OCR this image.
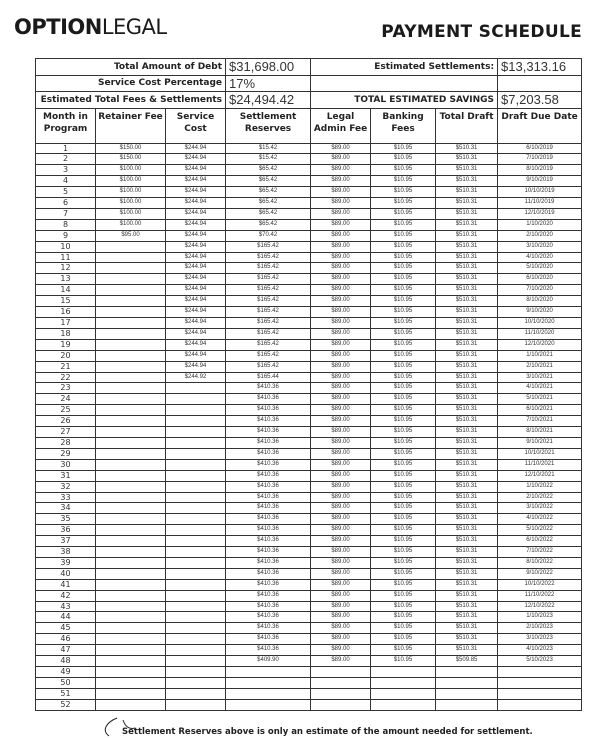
OPTIONLEGAL	PAYMENT SCHEDULE
Total Amount of Debt			$31,698.00	Estimated Settlements:			$13,313.16
Service Cost Percentage			17%				
Estimated Total Fees & Settlements			$24,494.42	TOTAL ESTIMATED SAVINGS			$7,203.58
Month in Program	Retainer Fee	Service Cost	Settlement Reserves	Legal Admin Fee	Banking Fees	Total Draft	Draft Due Date
1	$150.00	$244.94	$15.42	$89.00	$10.95	$510.31	6/10/2019
2	$150.00	$244.94	$15.42	$89.00	$10.95	$510.31	7/10/2019
3	$100.00	$244.94	$65.42	$89.00	$10.95	$510.31	8/10/2019
4	$100.00	$244.94	$65.42	$89.00	$10.95	$510.31	9/10/2019
5	$100.00	$244.94	$65.42	$89.00	$10.95	$510.31	10/10/2019
6	$100.00	$244.94	$65.42	$89.00	$10.95	$510.31	11/10/2019
7	$100.00	$244.94	$65.42	$89.00	$10.95	$510.31	12/10/2019
8	$100.00	$244.94	$65.42	$89.00	$10.95	$510.31	1/10/2020
9	$95.00	$244.94	$70.42	$89.00	$10.95	$510.31	2/10/2020
10		$244.94	$165.42	$89.00	$10.95	$510.31	3/10/2020
11		$244.94	$165.42	$89.00	$10.95	$510.31	4/10/2020
12		$244.94	$165.42	$89.00	$10.95	$510.31	5/10/2020
13		$244.94	$165.42	$89.00	$10.95	$510.31	6/10/2020
14		$244.94	$165.42	$89.00	$10.95	$510.31	7/10/2020
15		$244.94	$165.42	$89.00	$10.95	$510.31	8/10/2020
16		$244.94	$165.42	$89.00	$10.95	$510.31	9/10/2020
17		$244.94	$165.42	$89.00	$10.95	$510.31	10/10/2020
18		$244.94	$165.42	$89.00	$10.95	$510.31	11/10/2020
19		$244.94	$165.42	$89.00	$10.95	$510.31	12/10/2020
20		$244.94	$165.42	$89.00	$10.95	$510.31	1/10/2021
21		$244.94	$165.42	$89.00	$10.95	$510.31	2/10/2021
22		$244.92	$165.44	$89.00	$10.95	$510.31	3/10/2021
23			$410.36	$89.00	$10.95	$510.31	4/10/2021
24			$410.36	$89.00	$10.95	$510.31	5/10/2021
25			$410.36	$89.00	$10.95	$510.31	6/10/2021
26			$410.36	$89.00	$10.95	$510.31	7/10/2021
27			$410.36	$89.00	$10.95	$510.31	8/10/2021
28			$410.36	$89.00	$10.95	$510.31	9/10/2021
29			$410.36	$89.00	$10.95	$510.31	10/10/2021
30			$410.36	$89.00	$10.95	$510.31	11/10/2021
31			$410.36	$89.00	$10.95	$510.31	12/10/2021
32			$410.36	$89.00	$10.95	$510.31	1/10/2022
33			$410.36	$89.00	$10.95	$510.31	2/10/2022
34			$410.36	$89.00	$10.95	$510.31	3/10/2022
35			$410.36	$89.00	$10.95	$510.31	4/10/2022
36			$410.36	$89.00	$10.95	$510.31	5/10/2022
37			$410.36	$89.00	$10.95	$510.31	6/10/2022
38			$410.36	$89.00	$10.95	$510.31	7/10/2022
39			$410.36	$89.00	$10.95	$510.31	8/10/2022
40			$410.36	$89.00	$10.95	$510.31	9/10/2022
41			$410.36	$89.00	$10.95	$510.31	10/10/2022
42			$410.36	$89.00	$10.95	$510.31	11/10/2022
43			$410.36	$89.00	$10.95	$510.31	12/10/2022
44			$410.36	$89.00	$10.95	$510.31	1/10/2023
45			$410.36	$89.00	$10.95	$510.31	2/10/2023
46			$410.36	$89.00	$10.95	$510.31	3/10/2023
47			$410.36	$89.00	$10.95	$510.31	4/10/2023
48			$409.90	$89.00	$10.95	$509.85	5/10/2023
49							
50							
51							
52							
Settlement Reserves above is only an estimate of the amount needed for settlement.
